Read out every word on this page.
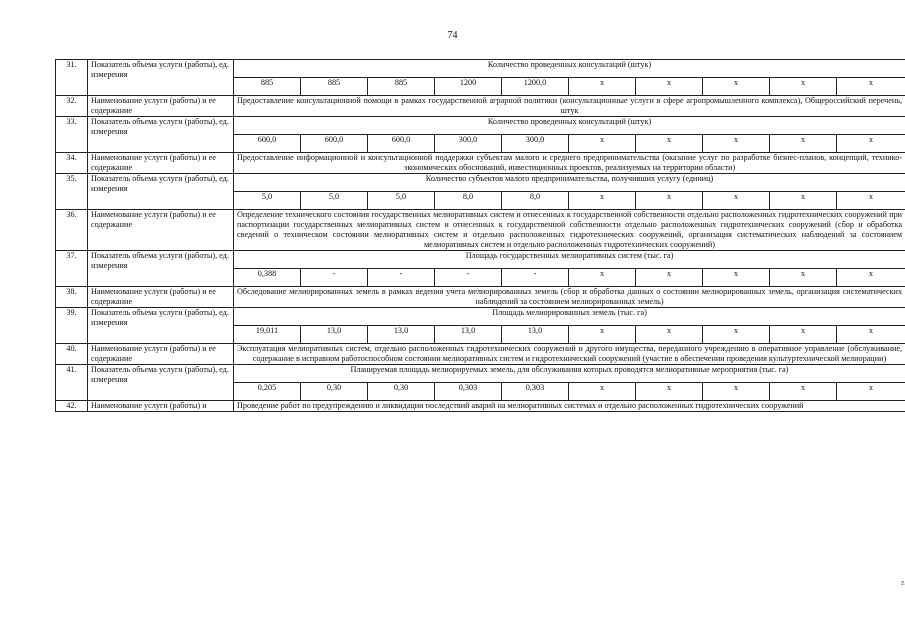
74
31.	Показатель объема услуги (работы), ед. измерения	Количество проведенных консультаций (штук)									
		885	885	885	1200	1200,0	x	x	x	x	x
32.	Наименование услуги (работы) и ее содержание	Предоставление консультационной помощи в рамках государственной аграрной политики (консультационные услуги в сфере агропромышленного комплекса), Общероссийский перечень, штук									
33.	Показатель объема услуги (работы), ед. измерения	Количество проведенных консультаций (штук)									
		600,0	600,0	600,0	300,0	300,0	x	x	x	x	x
34.	Наименование услуги (работы) и ее содержание	Предоставление информационной и консультационной поддержки субъектам малого и среднего предпринимательства (оказание услуг по разработке бизнес-планов, концепций, технико-экономических обоснований, инвестиционных проектов, реализуемых на территории области)									
35.	Показатель объема услуги (работы), ед. измерения	Количество субъектов малого предпринимательства, получивших услугу (единиц)									
		5,0	5,0	5,0	8,0	8,0	x	x	x	x	x
36.	Наименование услуги (работы) и ее содержание	Определение технического состояния государственных мелиоративных систем и отнесенных к государственной собственности отдельно расположенных гидротехнических сооружений при паспортизации государственных мелиоративных систем и отнесенных к государственной собственности отдельно расположенных гидротехнических сооружений (сбор и обработка сведений о техническом состоянии мелиоративных систем и отдельно расположенных гидротехнических сооружений, организация систематических наблюдений за состоянием мелиоративных систем и отдельно расположенных гидротехнических сооружений)									
37.	Показатель объема услуги (работы), ед. измерения	Площадь государственных мелиоративных систем (тыс. га)									
		0,388	-	-	-	-	x	x	x	x	x
38.	Наименование услуги (работы) и ее содержание	Обследование мелиорированных земель в рамках ведения учета мелиорированных земель (сбор и обработка данных о состоянии мелиорированных земель, организация систематических наблюдений за состоянием мелиорированных земель)									
39.	Показатель объема услуги (работы), ед. измерения	Площадь мелиорированных земель (тыс. га)									
		19,011	13,0	13,0	13,0	13,0	x	x	x	x	x
40.	Наименование услуги (работы) и ее содержание	Эксплуатация мелиоративных систем, отдельно расположенных гидротехнических сооружений и другого имущества, переданного учреждению в оперативное управление (обслуживание, содержание в исправном работоспособном состоянии мелиоративных систем и гидротехнический сооружений (участие в обеспечении проведения культуртехнической мелиорации)									
41.	Показатель объема услуги (работы), ед. измерения	Планируемая площадь мелиорируемых земель, для обслуживания которых проводятся мелиоративные мероприятия (тыс. га)									
		0,205	0,30	0,30	0,303	0,303	x	x	x	x	x
42.	Наименование услуги (работы) и	Проведение работ по предупреждению и ликвидации последствий аварий на мелиоративных системах и отдельно расположенных гидротехнических сооружений									
z
